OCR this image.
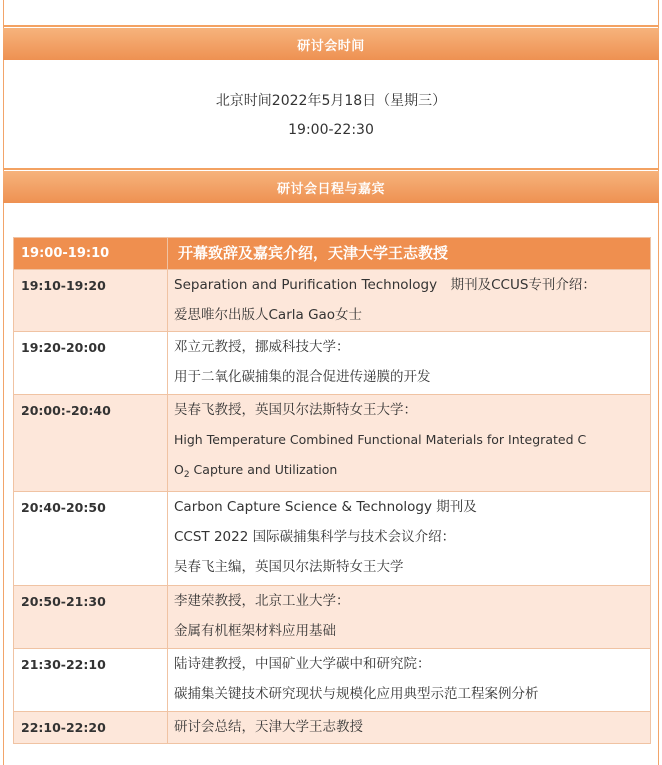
研讨会时间
北京时间2022年5月18日（星期三）
19:00-22:30
研讨会日程与嘉宾
19:00-19:10	开幕致辞及嘉宾介绍，天津大学王志教授
19:10-19:20	Separation and Purification Technology　期刊及CCUS专刊介绍：
爱思唯尔出版人Carla Gao女士

19:20-20:00	邓立元教授，挪威科技大学：
用于二氧化碳捕集的混合促进传递膜的开发

20:00:-20:40	吴春飞教授，英国贝尔法斯特女王大学：
High Temperature Combined Functional Materials for Integrated C
$O_2$ Capture and Utilization

20:40-20:50	Carbon Capture Science & Technology 期刊及
CCST 2022 国际碳捕集科学与技术会议介绍：
吴春飞主编，英国贝尔法斯特女王大学

20:50-21:30	李建荣教授，北京工业大学：
金属有机框架材料应用基础

21:30-22:10	陆诗建教授，中国矿业大学碳中和研究院：
碳捕集关键技术研究现状与规模化应用典型示范工程案例分析

22:10-22:20	研讨会总结，天津大学王志教授
